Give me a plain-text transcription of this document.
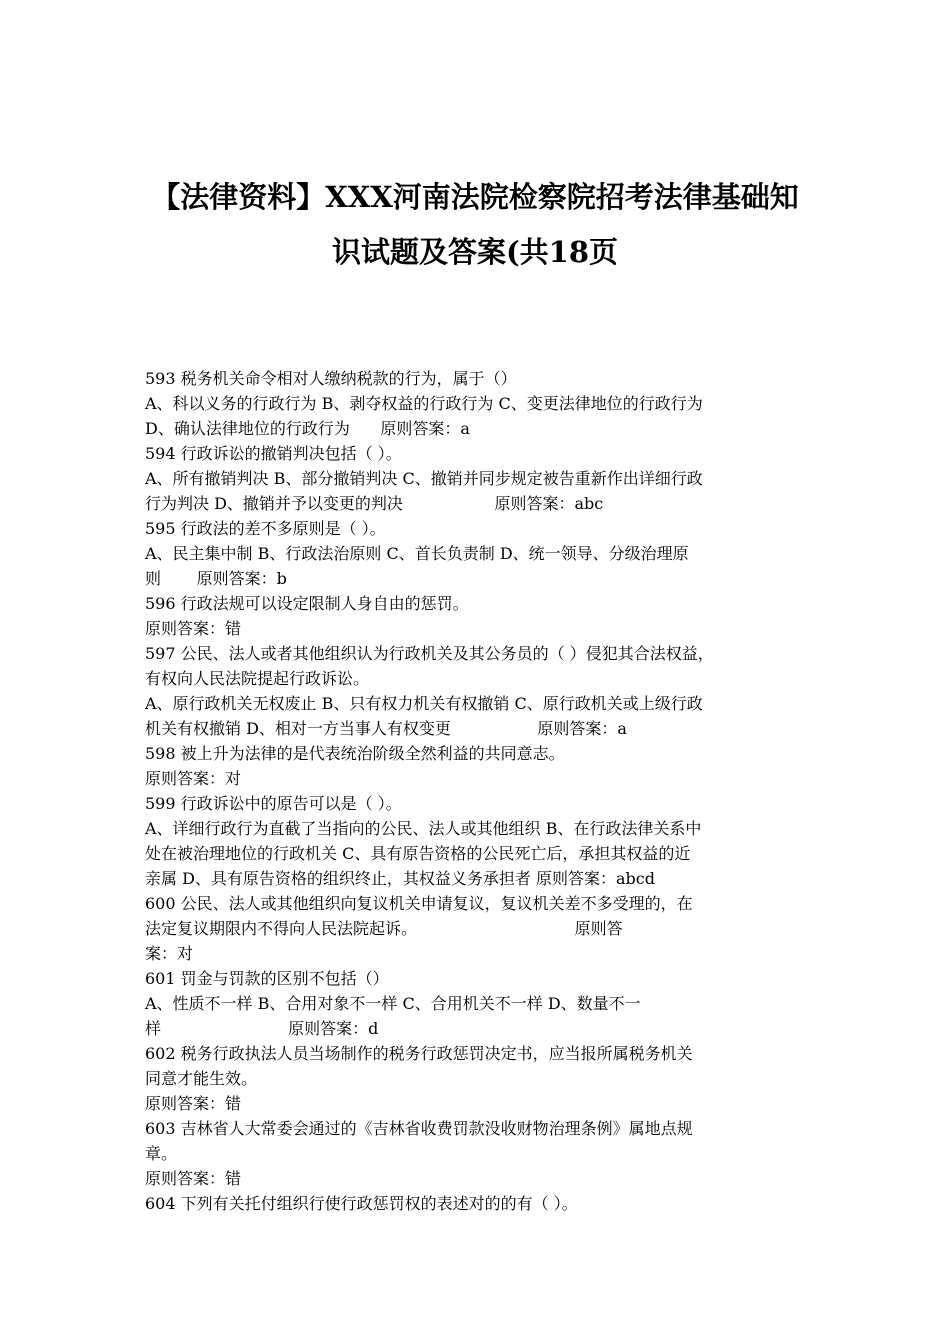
【法律资料】XXX河南法院检察院招考法律基础知
识试题及答案(共18页
593 税务机关命令相对人缴纳税款的行为，属于（）
A、科以义务的行政行为 B、剥夺权益的行政行为 C、变更法律地位的行政行为
D、确认法律地位的行政行为      原则答案：a
594 行政诉讼的撤销判决包括（ ）。
A、所有撤销判决 B、部分撤销判决 C、撤销并同步规定被告重新作出详细行政
行为判决 D、撤销并予以变更的判决                  原则答案：abc
595 行政法的差不多原则是（ ）。
A、民主集中制 B、行政法治原则 C、首长负责制 D、统一领导、分级治理原
则       原则答案：b
596 行政法规可以设定限制人身自由的惩罚。
原则答案：错
597 公民、法人或者其他组织认为行政机关及其公务员的（ ）侵犯其合法权益，
有权向人民法院提起行政诉讼。
A、原行政机关无权废止 B、只有权力机关有权撤销 C、原行政机关或上级行政
机关有权撤销 D、相对一方当事人有权变更                 原则答案：a
598 被上升为法律的是代表统治阶级全然利益的共同意志。
原则答案：对
599 行政诉讼中的原告可以是（ ）。
A、详细行政行为直截了当指向的公民、法人或其他组织 B、在行政法律关系中
处在被治理地位的行政机关 C、具有原告资格的公民死亡后，承担其权益的近
亲属 D、具有原告资格的组织终止，其权益义务承担者 原则答案：abcd
600 公民、法人或其他组织向复议机关申请复议，复议机关差不多受理的，在
法定复议期限内不得向人民法院起诉。                               原则答
案：对
601 罚金与罚款的区别不包括（）
A、性质不一样 B、合用对象不一样 C、合用机关不一样 D、数量不一
样                         原则答案：d
602 税务行政执法人员当场制作的税务行政惩罚决定书，应当报所属税务机关
同意才能生效。
原则答案：错
603 吉林省人大常委会通过的《吉林省收费罚款没收财物治理条例》属地点规
章。
原则答案：错
604 下列有关托付组织行使行政惩罚权的表述对的的有（ ）。
